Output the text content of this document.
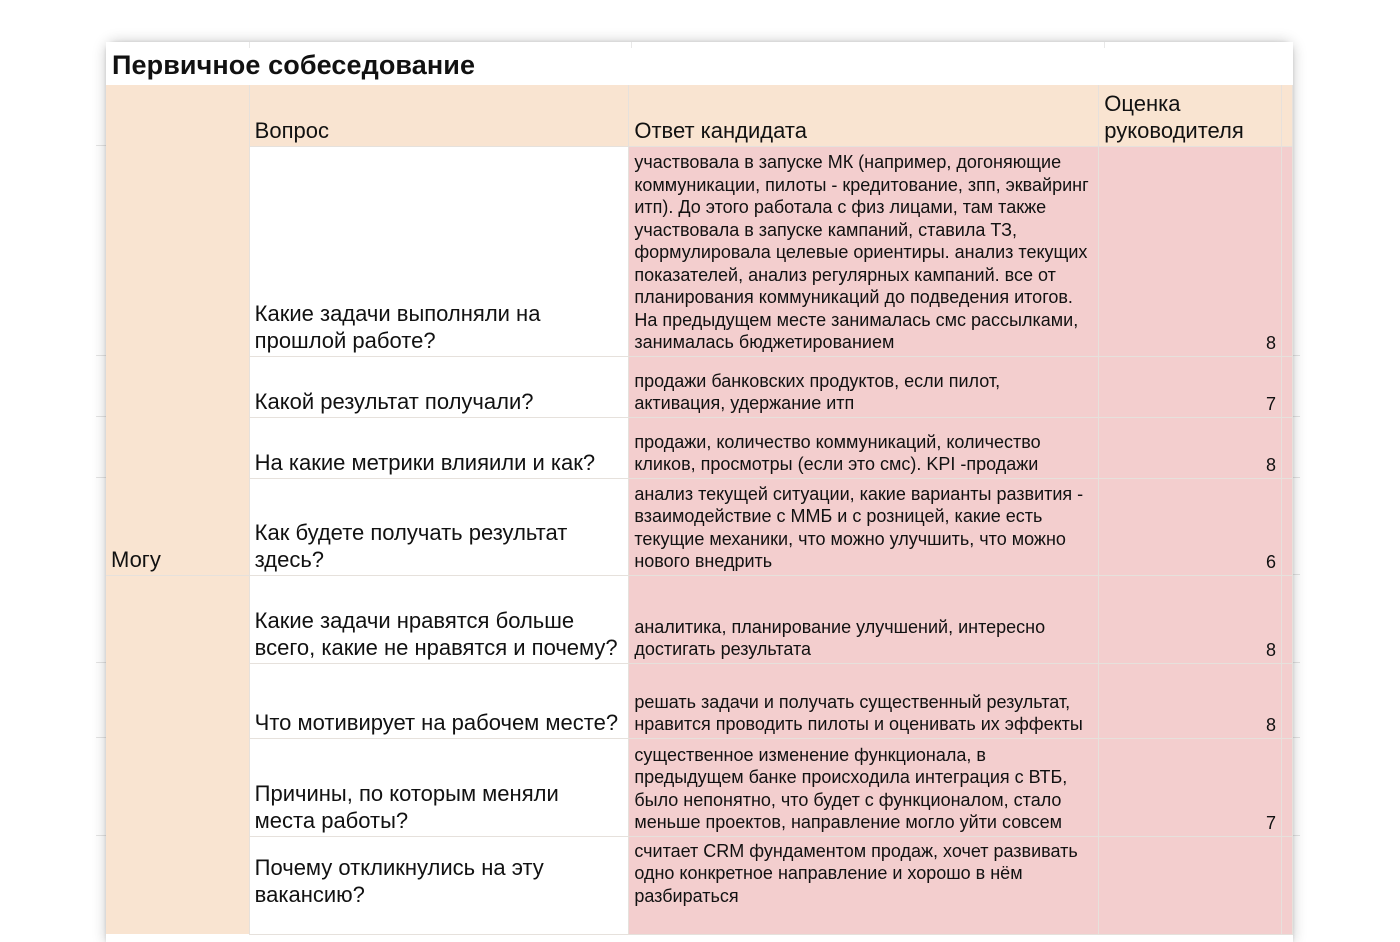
Первичное собеседование
Могу	Вопрос	Ответ кандидата	Оценка руководителя	
	Какие задачи выполняли на прошлой работе?	участвовала в запуске МК (например, догоняющие коммуникации, пилоты - кредитование, зпп, эквайринг итп). До этого работала с физ лицами, там также участвовала в запуске кампаний, ставила ТЗ, формулировала целевые ориентиры. анализ текущих показателей, анализ регулярных кампаний. все от планирования коммуникаций до подведения итогов. На предыдущем месте занималась смс рассылками, занималась бюджетированием	8	
	Какой результат получали?	продажи банковских продуктов, если пилот, активация, удержание итп	7	
	На какие метрики влияили и как?	продажи, количество коммуникаций, количество кликов, просмотры (если это смс). KPI -продажи	8	
	Как будете получать результат здесь?	анализ текущей ситуации, какие варианты развития - взаимодействие с ММБ и с розницей, какие есть текущие механики, что можно улучшить, что можно нового внедрить	6	
	Какие задачи нравятся больше всего, какие не нравятся и почему?	аналитика, планирование улучшений, интересно достигать результата	8	
	Что мотивирует на рабочем месте?	решать задачи и получать существенный результат, нравится проводить пилоты и оценивать их эффекты	8	
	Причины, по которым меняли места работы?	существенное изменение функционала, в предыдущем банке происходила интеграция с ВТБ, было непонятно, что будет с функционалом, стало меньше проектов, направление могло уйти совсем	7	
	Почему откликнулись на эту вакансию?	считает CRM фундаментом продаж, хочет развивать одно конкретное направление и хорошо в нём разбираться		
